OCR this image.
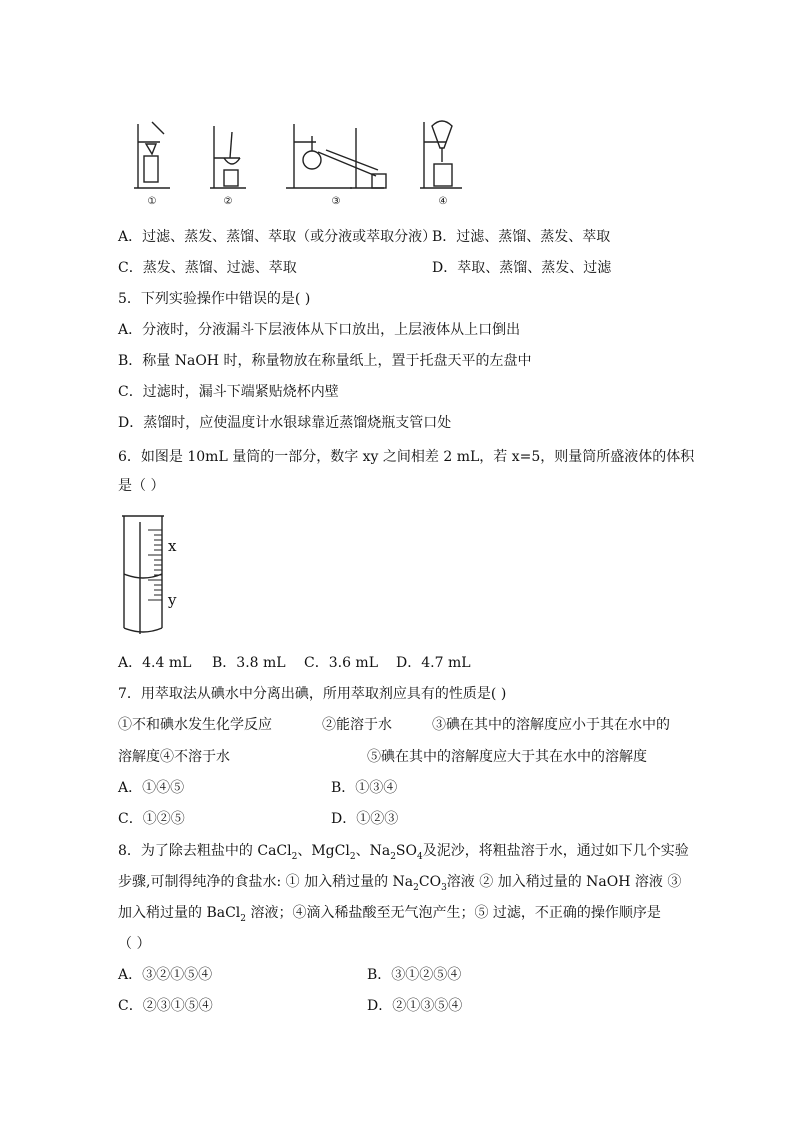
①	②	③	④
A．过滤、蒸发、蒸馏、萃取（或分液或萃取分液）
B．过滤、蒸馏、蒸发、萃取
C．蒸发、蒸馏、过滤、萃取	D．萃取、蒸馏、蒸发、过滤
5．下列实验操作中错误的是( )
A．分液时，分液漏斗下层液体从下口放出，上层液体从上口倒出
B．称量 NaOH 时，称量物放在称量纸上，置于托盘天平的左盘中
C．过滤时，漏斗下端紧贴烧杯内壁
D．蒸馏时，应使温度计水银球靠近蒸馏烧瓶支管口处
6．如图是 10mL 量筒的一部分，数字 xy 之间相差 2 mL，若 x=5，则量筒所盛液体的体积
是（ ）
x
y
A．4.4 mL B．3.8 mL C．3.6 mL D．4.7 mL
7．用萃取法从碘水中分离出碘，所用萃取剂应具有的性质是( )
①不和碘水发生化学反应	②能溶于水	③碘在其中的溶解度应小于其在水中的
溶解度④不溶于水	⑤碘在其中的溶解度应大于其在水中的溶解度
A．①④⑤	B．①③④
C．①②⑤	D．①②③
8．为了除去粗盐中的 CaCl$_2$、MgCl$_2$、$Na_2SO_4$及泥沙，将粗盐溶于水，通过如下几个实验
步骤,可制得纯净的食盐水: ① 加入稍过量的 $Na_2CO_3$溶液 ② 加入稍过量的 NaOH 溶液 ③
加入稍过量的 BaCl$_2$ 溶液；④滴入稀盐酸至无气泡产生；⑤ 过滤，不正确的操作顺序是
（ ）
A．③②①⑤④	B．③①②⑤④
C．②③①⑤④	D．②①③⑤④
